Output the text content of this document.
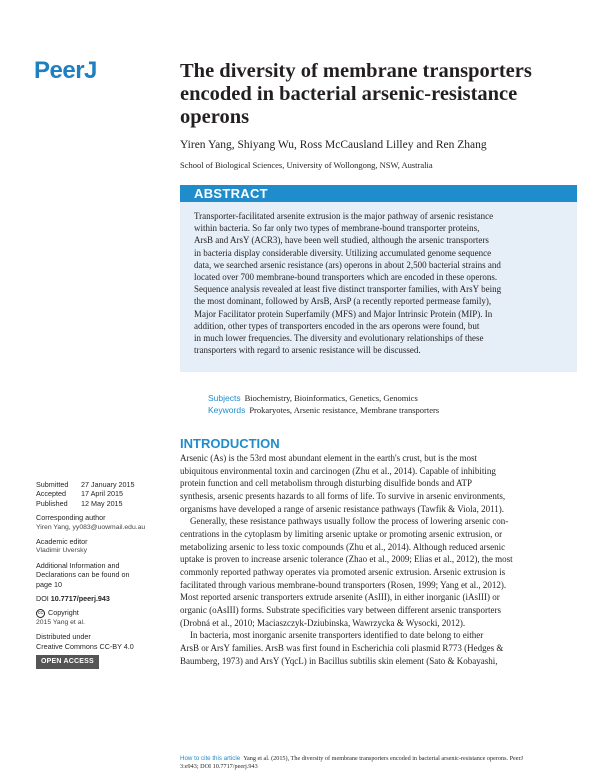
PeerJ	The diversity of membrane transporters encoded in bacterial arsenic-resistance operons
Yiren Yang, Shiyang Wu, Ross McCausland Lilley and Ren Zhang
School of Biological Sciences, University of Wollongong, NSW, Australia
ABSTRACT
Transporter-facilitated arsenite extrusion is the major pathway of arsenic resistance
within bacteria. So far only two types of membrane-bound transporter proteins,
ArsB and ArsY (ACR3), have been well studied, although the arsenic transporters
in bacteria display considerable diversity. Utilizing accumulated genome sequence
data, we searched arsenic resistance (ars) operons in about 2,500 bacterial strains and
located over 700 membrane-bound transporters which are encoded in these operons.
Sequence analysis revealed at least five distinct transporter families, with ArsY being
the most dominant, followed by ArsB, ArsP (a recently reported permease family),
Major Facilitator protein Superfamily (MFS) and Major Intrinsic Protein (MIP). In
addition, other types of transporters encoded in the ars operons were found, but
in much lower frequencies. The diversity and evolutionary relationships of these
transporters with regard to arsenic resistance will be discussed.
Subjects Biochemistry, Bioinformatics, Genetics, Genomics
Keywords Prokaryotes, Arsenic resistance, Membrane transporters
INTRODUCTION

Arsenic (As) is the 53rd most abundant element in the earth's crust, but is the most

ubiquitous environmental toxin and carcinogen (Zhu et al., 2014). Capable of inhibiting

protein function and cell metabolism through disturbing disulfide bonds and ATP

synthesis, arsenic presents hazards to all forms of life. To survive in arsenic environments,

organisms have developed a range of arsenic resistance pathways (Tawfik & Viola, 2011).

Generally, these resistance pathways usually follow the process of lowering arsenic con-

centrations in the cytoplasm by limiting arsenic uptake or promoting arsenic extrusion, or

metabolizing arsenic to less toxic compounds (Zhu et al., 2014). Although reduced arsenic

uptake is proven to increase arsenic tolerance (Zhao et al., 2009; Elias et al., 2012), the most

commonly reported pathway operates via promoted arsenic extrusion. Arsenic extrusion is

facilitated through various membrane-bound transporters (Rosen, 1999; Yang et al., 2012).

Most reported arsenic transporters extrude arsenite (AsIII), in either inorganic (iAsIII) or

organic (oAsIII) forms. Substrate specificities vary between different arsenic transporters

(Drobná et al., 2010; Maciaszczyk-Dziubinska, Wawrzycka & Wysocki, 2012).

In bacteria, most inorganic arsenite transporters identified to date belong to either

ArsB or ArsY families. ArsB was first found in Escherichia coli plasmid R773 (Hedges &

Baumberg, 1973) and ArsY (YqcL) in Bacillus subtilis skin element (Sato & Kobayashi,

Submitted	27 January 2015
Accepted	17 April 2015
Published	12 May 2015
Corresponding author
Yiren Yang, yy083@uowmail.edu.au
Academic editor
Vladimir Uversky
Additional Information and
Declarations can be found on
page 10
DOI 10.7717/peerj.943
cc Copyright
2015 Yang et al.
Distributed under
Creative Commons CC-BY 4.0
OPEN ACCESS
How to cite this article Yang et al. (2015), The diversity of membrane transporters encoded in bacterial arsenic-resistance operons. PeerJ
3:e943; DOI 10.7717/peerj.943
